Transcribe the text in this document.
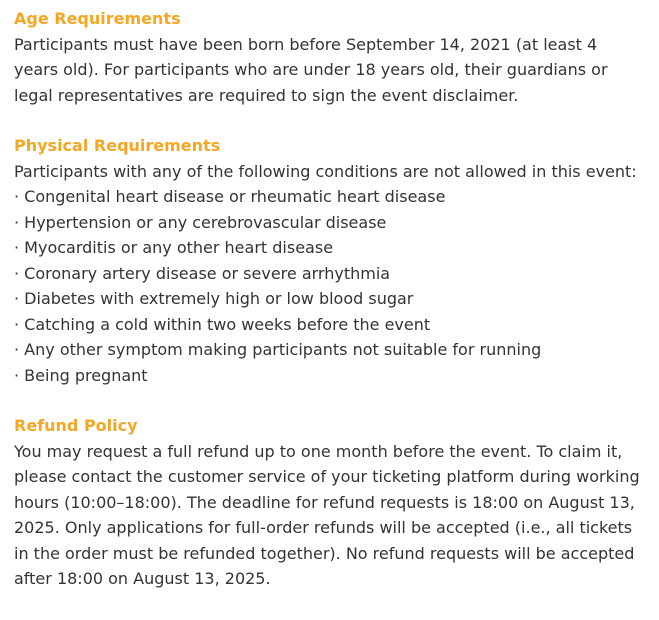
Age Requirements

Participants must have been born before September 14, 2021 (at least 4 years old). For participants who are under 18 years old, their guardians or legal representatives are required to sign the event disclaimer.

Physical Requirements

Participants with any of the following conditions are not allowed in this event:

· Congenital heart disease or rheumatic heart disease
· Hypertension or any cerebrovascular disease
· Myocarditis or any other heart disease
· Coronary artery disease or severe arrhythmia
· Diabetes with extremely high or low blood sugar
· Catching a cold within two weeks before the event
· Any other symptom making participants not suitable for running
· Being pregnant
Refund Policy

You may request a full refund up to one month before the event. To claim it, please contact the customer service of your ticketing platform during working hours (10:00–18:00). The deadline for refund requests is 18:00 on August 13, 2025. Only applications for full-order refunds will be accepted (i.e., all tickets in the order must be refunded together). No refund requests will be accepted after 18:00 on August 13, 2025.
